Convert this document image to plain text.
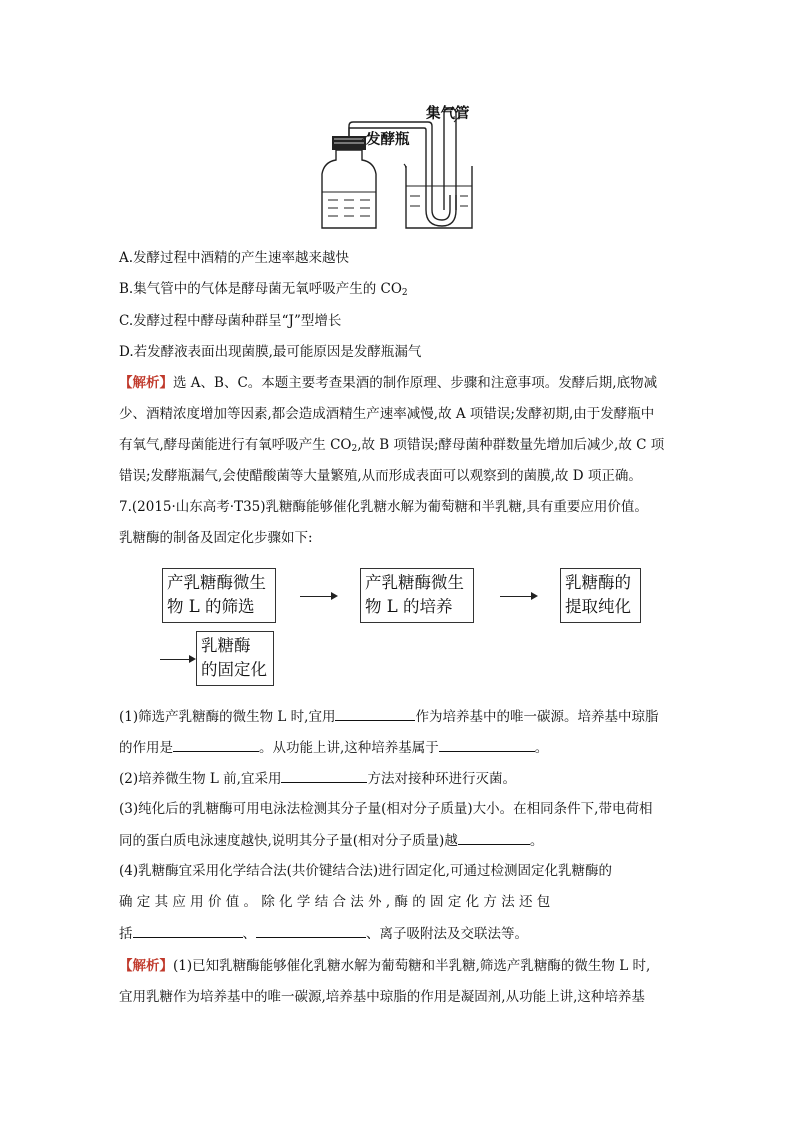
发酵瓶
集气管
A.发酵过程中酒精的产生速率越来越快
B.集气管中的气体是酵母菌无氧呼吸产生的 $CO_2$
C.发酵过程中酵母菌种群呈“J”型增长
D.若发酵液表面出现菌膜,最可能原因是发酵瓶漏气
【解析】选 A、B、C。本题主要考查果酒的制作原理、步骤和注意事项。发酵后期,底物减
少、酒精浓度增加等因素,都会造成酒精生产速率减慢,故 A 项错误;发酵初期,由于发酵瓶中
有氧气,酵母菌能进行有氧呼吸产生 $CO_2$,故 B 项错误;酵母菌种群数量先增加后减少,故 C 项
错误;发酵瓶漏气,会使醋酸菌等大量繁殖,从而形成表面可以观察到的菌膜,故 D 项正确。
7.(2015·山东高考·T35)乳糖酶能够催化乳糖水解为葡萄糖和半乳糖,具有重要应用价值。
乳糖酶的制备及固定化步骤如下:
产乳糖酶微生
物 L 的筛选
产乳糖酶微生
物 L 的培养
乳糖酶的
提取纯化
乳糖酶
的固定化
(1)筛选产乳糖酶的微生物 L 时,宜用	作为培养基中的唯一碳源。培养基中琼脂
的作用是	。从功能上讲,这种培养基属于	。
(2)培养微生物 L 前,宜采用	方法对接种环进行灭菌。
(3)纯化后的乳糖酶可用电泳法检测其分子量(相对分子质量)大小。在相同条件下,带电荷相
同的蛋白质电泳速度越快,说明其分子量(相对分子质量)越	。
(4)乳糖酶宜采用化学结合法(共价键结合法)进行固定化,可通过检测固定化乳糖酶的
确 定 其 应 用 价 值 。 除 化 学 结 合 法 外 , 酶 的 固 定 化 方 法 还 包
括	、	、离子吸附法及交联法等。
【解析】(1)已知乳糖酶能够催化乳糖水解为葡萄糖和半乳糖,筛选产乳糖酶的微生物 L 时,
宜用乳糖作为培养基中的唯一碳源,培养基中琼脂的作用是凝固剂,从功能上讲,这种培养基
